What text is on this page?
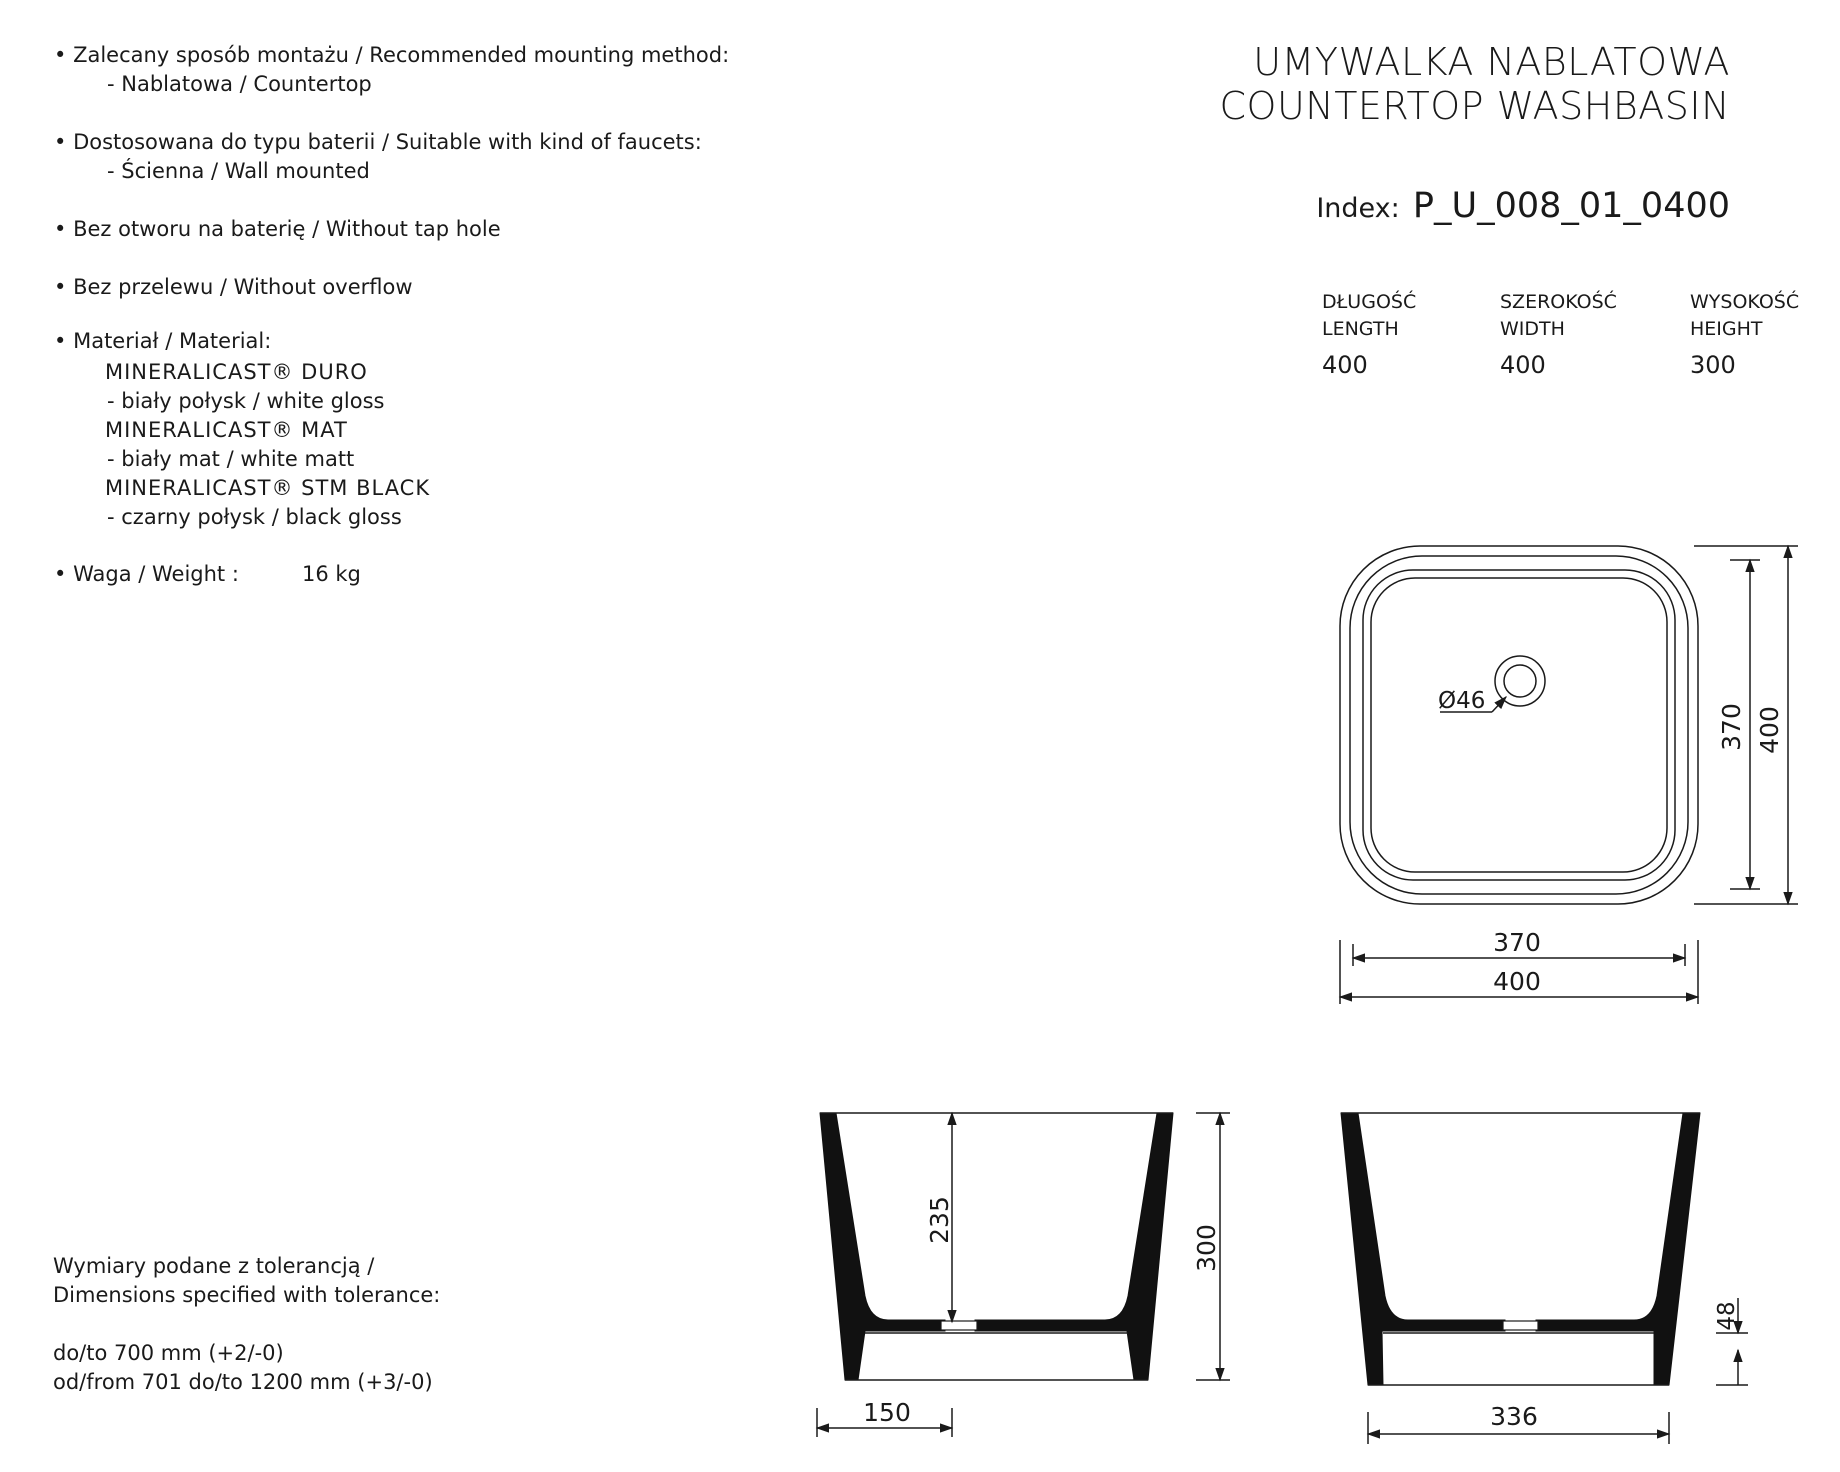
• Zalecany sposób montażu / Recommended mounting method:
- Nablatowa / Countertop
• Dostosowana do typu baterii / Suitable with kind of faucets:
- Ścienna / Wall mounted
• Bez otworu na baterię / Without tap hole
• Bez przelewu / Without overflow
• Materiał / Material:
MINERALICAST® DURO
- biały połysk / white gloss
MINERALICAST® MAT
- biały mat / white matt
MINERALICAST® STM BLACK
- czarny połysk / black gloss
• Waga / Weight :	16 kg
Wymiary podane z tolerancją /
Dimensions specified with tolerance:
do/to 700 mm (+2/-0)
od/from 701 do/to 1200 mm (+3/-0)
UMYWALKA NABLATOWA
COUNTERTOP WASHBASIN
Index: P_U_008_01_0400
DŁUGOŚĆ
LENGTH
400
SZEROKOŚĆ
WIDTH
400
WYSOKOŚĆ
HEIGHT
300
Ø46
370 400
370
400
235
300
150
48
336
